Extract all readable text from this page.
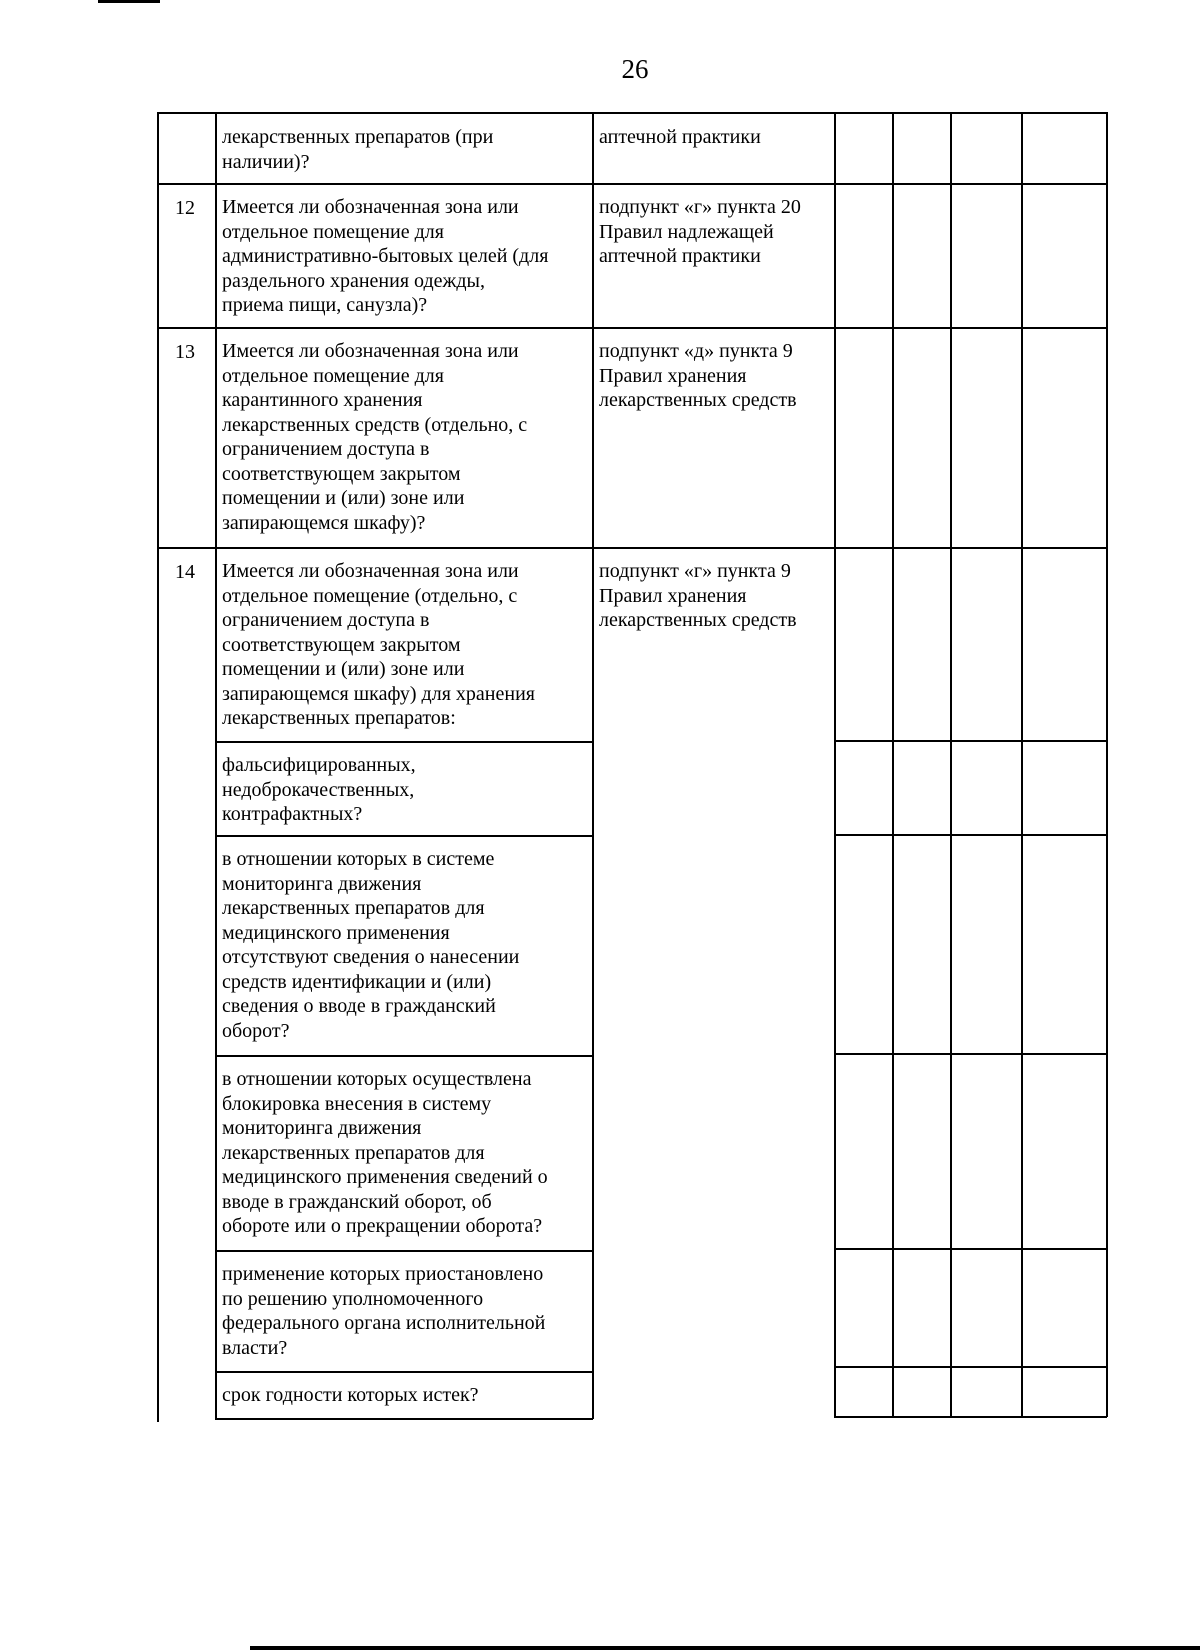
26
лекарственных препаратов (при
наличии)?
аптечной практики
12 Имеется ли обозначенная зона или
отдельное помещение для
административно-бытовых целей (для
раздельного хранения одежды,
приема пищи, санузла)?
подпункт «г» пункта 20
Правил надлежащей
аптечной практики
13 Имеется ли обозначенная зона или
отдельное помещение для
карантинного хранения
лекарственных средств (отдельно, с
ограничением доступа в
соответствующем закрытом
помещении и (или) зоне или
запирающемся шкафу)?
подпункт «д» пункта 9
Правил хранения
лекарственных средств
14 Имеется ли обозначенная зона или
отдельное помещение (отдельно, с
ограничением доступа в
соответствующем закрытом
помещении и (или) зоне или
запирающемся шкафу) для хранения
лекарственных препаратов:
подпункт «г» пункта 9
Правил хранения
лекарственных средств
фальсифицированных,
недоброкачественных,
контрафактных?
в отношении которых в системе
мониторинга движения
лекарственных препаратов для
медицинского применения
отсутствуют сведения о нанесении
средств идентификации и (или)
сведения о вводе в гражданский
оборот?
в отношении которых осуществлена
блокировка внесения в систему
мониторинга движения
лекарственных препаратов для
медицинского применения сведений о
вводе в гражданский оборот, об
обороте или о прекращении оборота?
применение которых приостановлено
по решению уполномоченного
федерального органа исполнительной
власти?
срок годности которых истек?
